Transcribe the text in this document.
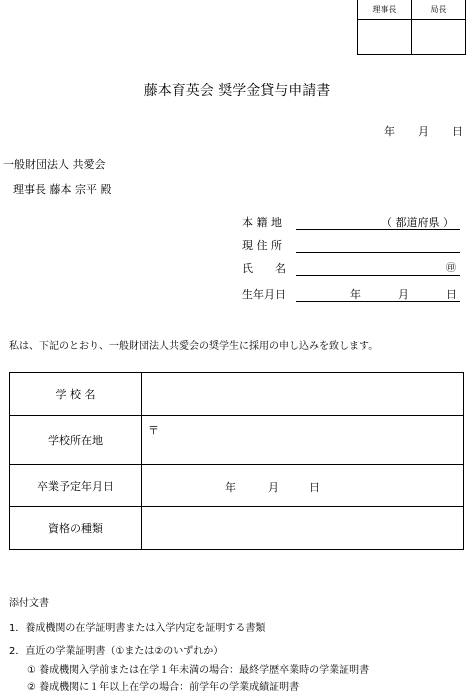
理事長	局長
藤本育英会 奨学金貸与申請書
年 月 日
一般財団法人 共愛会
理事長 藤本 宗平 殿
本 籍 地	（ 都道府県 ）
現 住 所
氏　　名	㊞
生年月日	年	月	日
私は、下記のとおり、一般財団法人共愛会の奨学生に採用の申し込みを致します。
学 校 名	
学校所在地	〒
卒業予定年月日	年 月 日

資格の種類	
添付文書
1．養成機関の在学証明書または入学内定を証明する書類
2．直近の学業証明書（①または②のいずれか）
① 養成機関入学前または在学１年未満の場合：最終学歴卒業時の学業証明書
② 養成機関に１年以上在学の場合：前学年の学業成績証明書
